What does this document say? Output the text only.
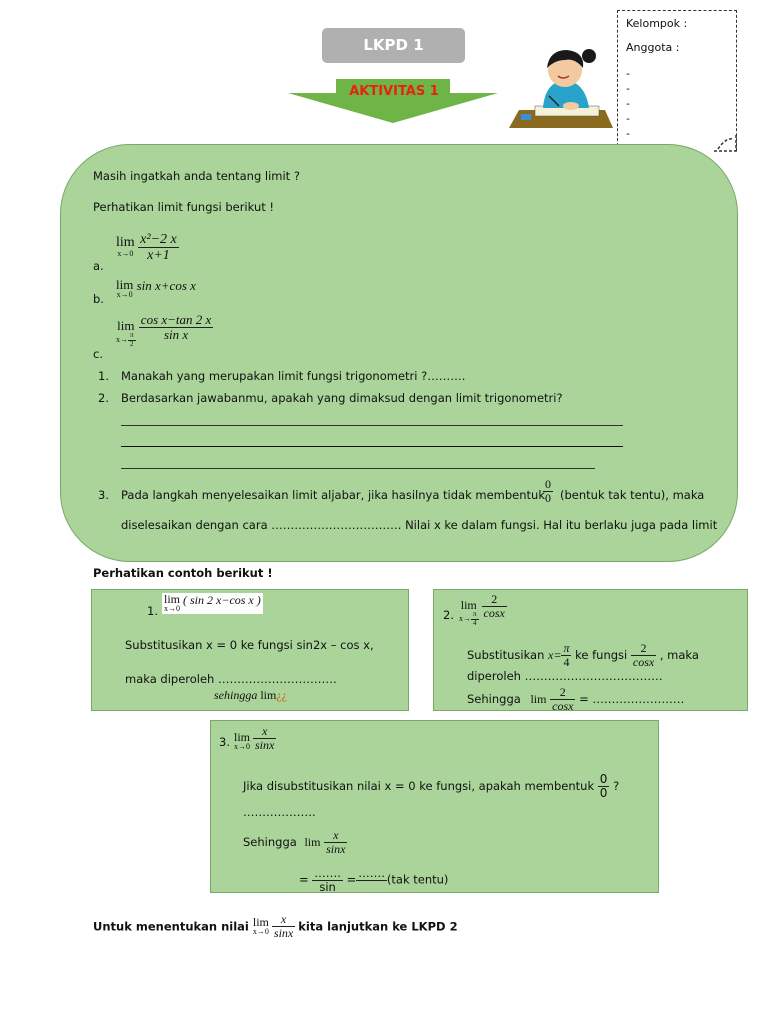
LKPD 1
AKTIVITAS 1
Kelompok :
Anggota :
-
-
-
-
-
Masih ingatkah anda tentang limit ?
Perhatikan limit fungsi berikut !
a.
lim
x→0
$\frac{\text{x²−2 x}}{x+1}$
b.
lim
x→0
sin x+cos x
c.
lim
$x\to \frac{\pi}{2}$
$\frac{\text{cos x−tan 2 x}}{\text{sin x}}$
1. Manakah yang merupakan limit fungsi trigonometri ?……….
2. Berdasarkan jawabanmu, apakah yang dimaksud dengan limit trigonometri?
3. Pada langkah menyelesaikan limit aljabar, jika hasilnya tidak membentuk
$\frac{0}{0}$ (bentuk tak tentu), maka
diselesaikan dengan cara ……………………………. Nilai x ke dalam fungsi. Hal itu berlaku juga pada limit
Perhatikan contoh berikut !
1.
lim
x→0
( sin 2 x−cos x )
Substitusikan x = 0 ke fungsi sin2x – cos x,
maka diperoleh ………………………….
sehingga lim¿¿
2.
lim
$x\to \frac{\pi}{4}$
$\frac{2}{\cos x}$
Substitusikan $x= \frac{\pi}{4}$ ke fungsi $\frac{2}{\cos x}$ , maka
diperoleh ………………………………
Sehingga $\lim \frac{2}{\cos x}$ = ……………………
3. lim
x→0
$\frac{x}{\sin x}$
Jika disubstitusikan nilai x = 0 ke fungsi, apakah membentuk $\frac{0}{0}$ ?
……………….
Sehingga $\lim \frac{x}{\sin x}$
= $\frac{\dots\dots.}{\sin}$ = …….
(tak tentu)
Untuk menentukan nilai lim
x→0
$\frac{x}{\sin x}$ kita lanjutkan ke LKPD 2
